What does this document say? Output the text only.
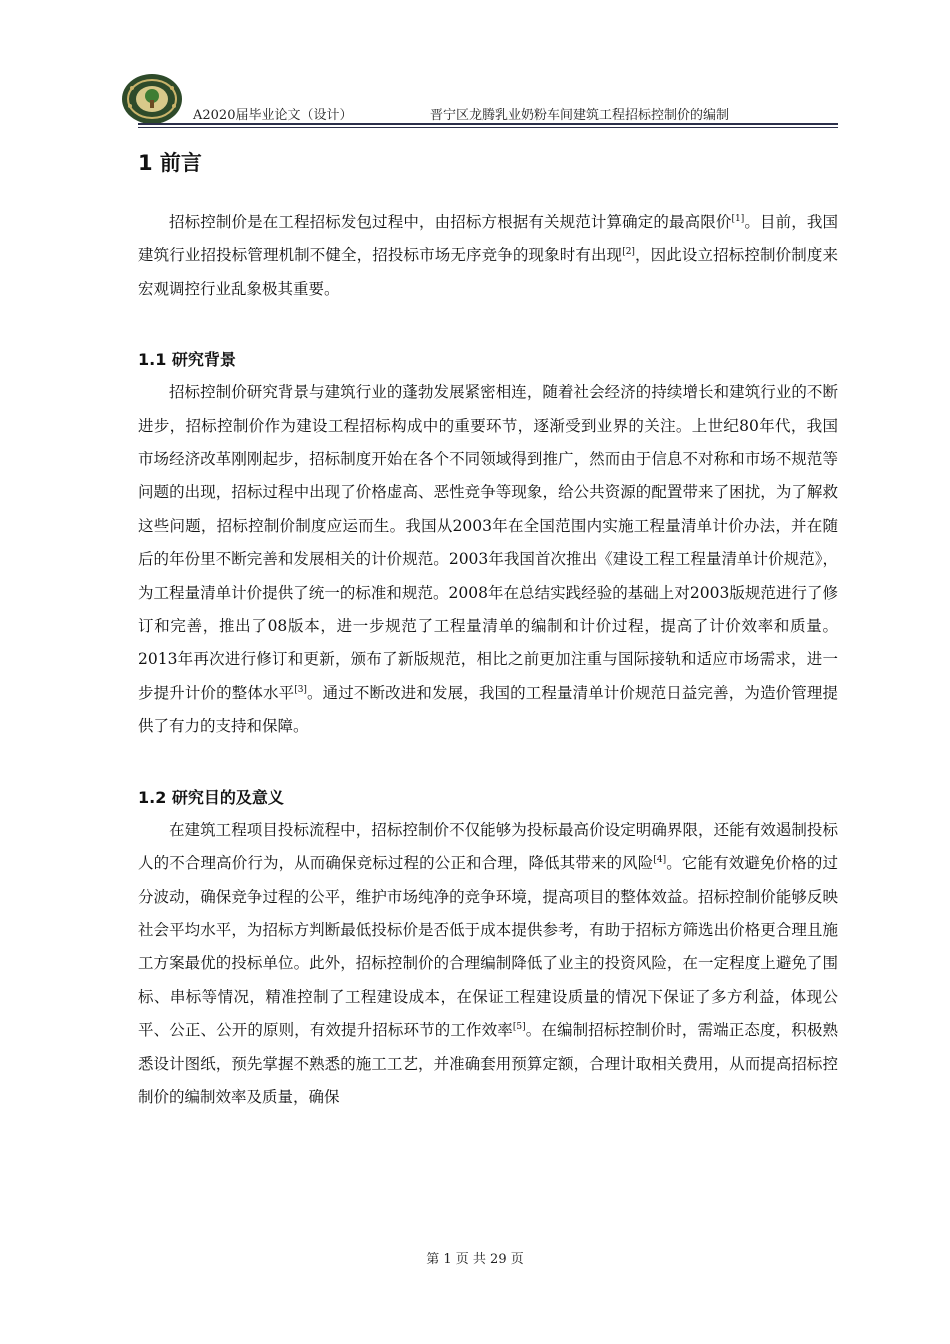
A2020届毕业论文（设计）	晋宁区龙腾乳业奶粉车间建筑工程招标控制价的编制
1 前言

招标控制价是在工程招标发包过程中，由招标方根据有关规范计算确定的最高限价[1]。目前，我国建筑行业招投标管理机制不健全，招投标市场无序竞争的现象时有出现[2]，因此设立招标控制价制度来宏观调控行业乱象极其重要。

1.1 研究背景

招标控制价研究背景与建筑行业的蓬勃发展紧密相连，随着社会经济的持续增长和建筑行业的不断进步，招标控制价作为建设工程招标构成中的重要环节，逐渐受到业界的关注。上世纪80年代，我国市场经济改革刚刚起步，招标制度开始在各个不同领域得到推广，然而由于信息不对称和市场不规范等问题的出现，招标过程中出现了价格虚高、恶性竞争等现象，给公共资源的配置带来了困扰，为了解救这些问题，招标控制价制度应运而生。我国从2003年在全国范围内实施工程量清单计价办法，并在随后的年份里不断完善和发展相关的计价规范。2003年我国首次推出《建设工程工程量清单计价规范》，为工程量清单计价提供了统一的标准和规范。2008年在总结实践经验的基础上对2003版规范进行了修订和完善，推出了08版本，进一步规范了工程量清单的编制和计价过程，提高了计价效率和质量。2013年再次进行修订和更新，颁布了新版规范，相比之前更加注重与国际接轨和适应市场需求，进一步提升计价的整体水平[3]。通过不断改进和发展，我国的工程量清单计价规范日益完善，为造价管理提供了有力的支持和保障。

1.2 研究目的及意义

在建筑工程项目投标流程中，招标控制价不仅能够为投标最高价设定明确界限，还能有效遏制投标人的不合理高价行为，从而确保竞标过程的公正和合理，降低其带来的风险[4]。它能有效避免价格的过分波动，确保竞争过程的公平，维护市场纯净的竞争环境，提高项目的整体效益。招标控制价能够反映社会平均水平，为招标方判断最低投标价是否低于成本提供参考，有助于招标方筛选出价格更合理且施工方案最优的投标单位。此外，招标控制价的合理编制降低了业主的投资风险，在一定程度上避免了围标、串标等情况，精准控制了工程建设成本，在保证工程建设质量的情况下保证了多方利益，体现公平、公正、公开的原则，有效提升招标环节的工作效率[5]。在编制招标控制价时，需端正态度，积极熟悉设计图纸，预先掌握不熟悉的施工工艺，并准确套用预算定额，合理计取相关费用，从而提高招标控制价的编制效率及质量，确保

第 1 页 共 29 页
